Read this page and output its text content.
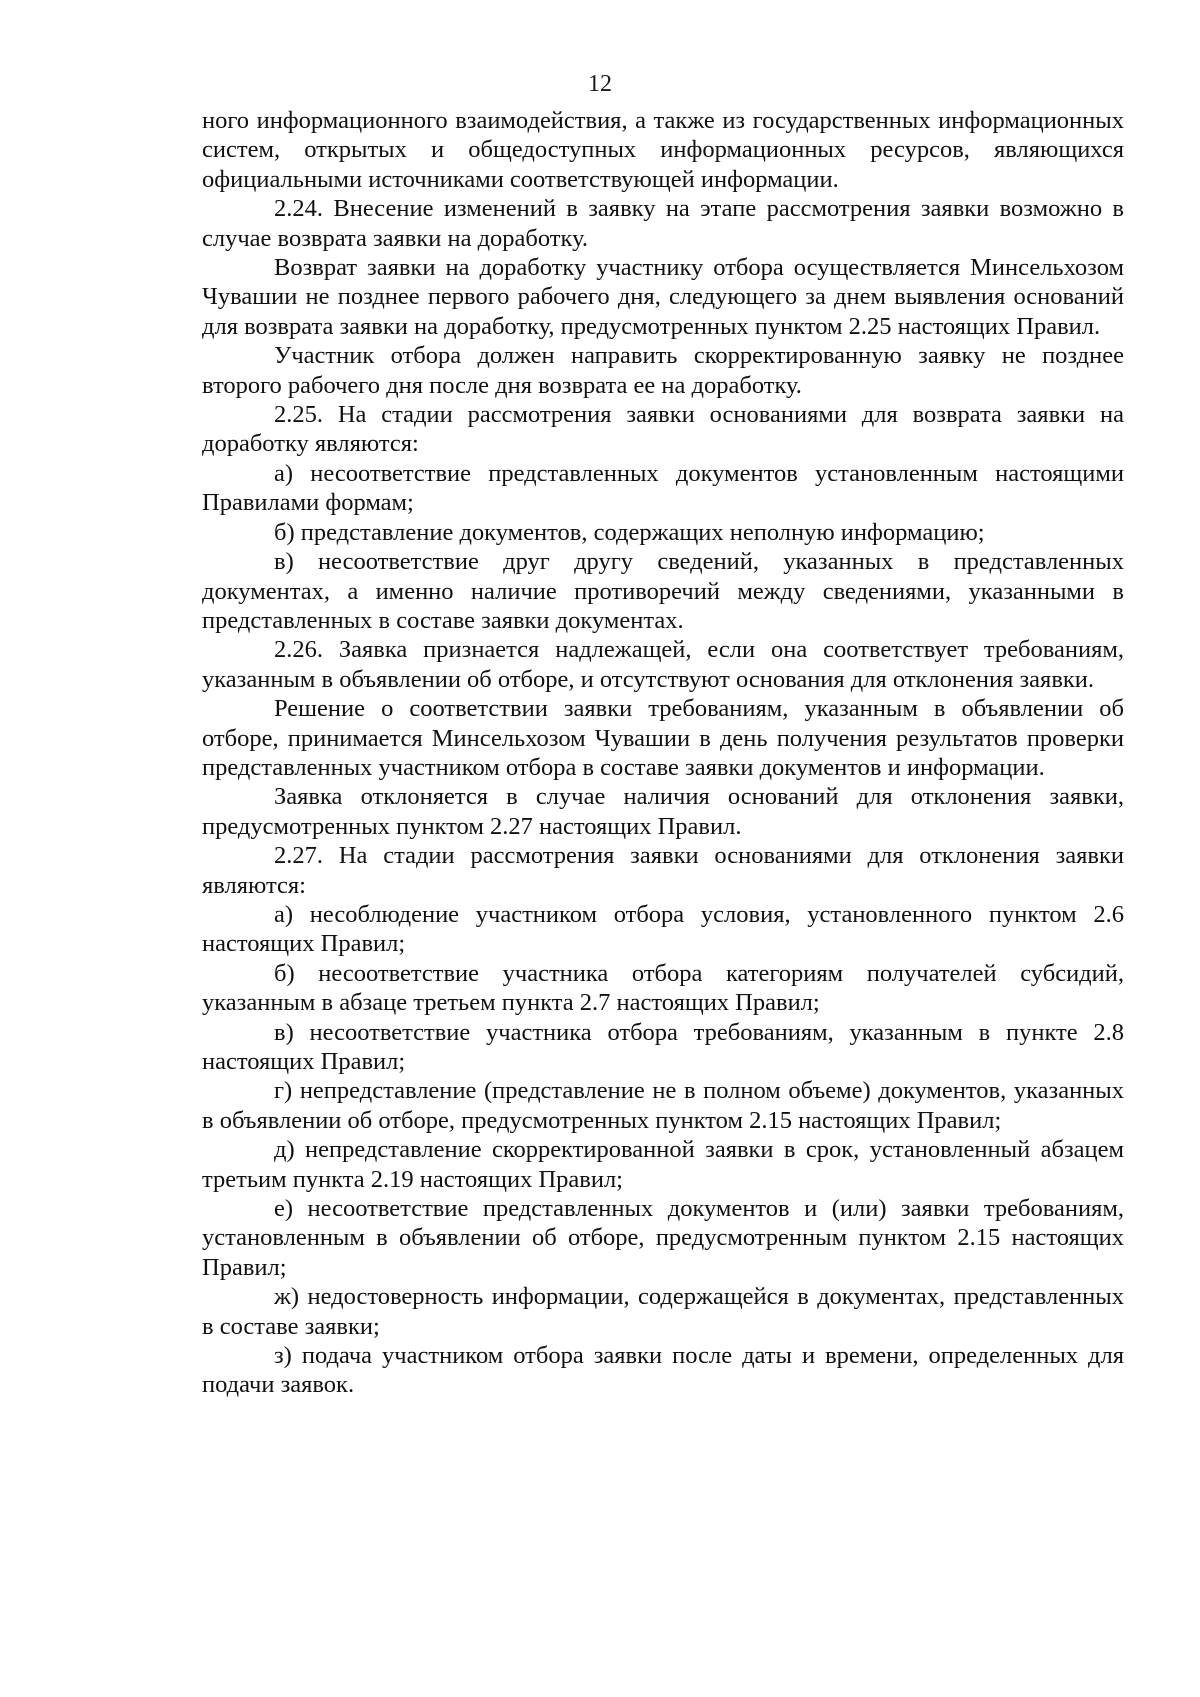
12

ного информационного взаимодействия, а также из государственных информационных систем, открытых и общедоступных информационных ресурсов, являющихся официальными источниками соответствующей информации.

2.24. Внесение изменений в заявку на этапе рассмотрения заявки возможно в случае возврата заявки на доработку.

Возврат заявки на доработку участнику отбора осуществляется Минсельхозом Чувашии не позднее первого рабочего дня, следующего за днем выявления оснований для возврата заявки на доработку, предусмотренных пунктом 2.25 настоящих Правил.

Участник отбора должен направить скорректированную заявку не позднее второго рабочего дня после дня возврата ее на доработку.

2.25. На стадии рассмотрения заявки основаниями для возврата заявки на доработку являются:

а) несоответствие представленных документов установленным настоящими Правилами формам;

б) представление документов, содержащих неполную информацию;

в) несоответствие друг другу сведений, указанных в представленных документах, а именно наличие противоречий между сведениями, указанными в представленных в составе заявки документах.

2.26. Заявка признается надлежащей, если она соответствует требованиям, указанным в объявлении об отборе, и отсутствуют основания для отклонения заявки.

Решение о соответствии заявки требованиям, указанным в объявлении об отборе, принимается Минсельхозом Чувашии в день получения результатов проверки представленных участником отбора в составе заявки документов и информации.

Заявка отклоняется в случае наличия оснований для отклонения заявки, предусмотренных пунктом 2.27 настоящих Правил.

2.27. На стадии рассмотрения заявки основаниями для отклонения заявки являются:

а) несоблюдение участником отбора условия, установленного пунктом 2.6 настоящих Правил;

б) несоответствие участника отбора категориям получателей субсидий, указанным в абзаце третьем пункта 2.7 настоящих Правил;

в) несоответствие участника отбора требованиям, указанным в пункте 2.8 настоящих Правил;

г) непредставление (представление не в полном объеме) документов, указанных в объявлении об отборе, предусмотренных пунктом 2.15 настоящих Правил;

д) непредставление скорректированной заявки в срок, установленный абзацем третьим пункта 2.19 настоящих Правил;

е) несоответствие представленных документов и (или) заявки требованиям, установленным в объявлении об отборе, предусмотренным пунктом 2.15 настоящих Правил;

ж) недостоверность информации, содержащейся в документах, представленных в составе заявки;

з) подача участником отбора заявки после даты и времени, определенных для подачи заявок.
